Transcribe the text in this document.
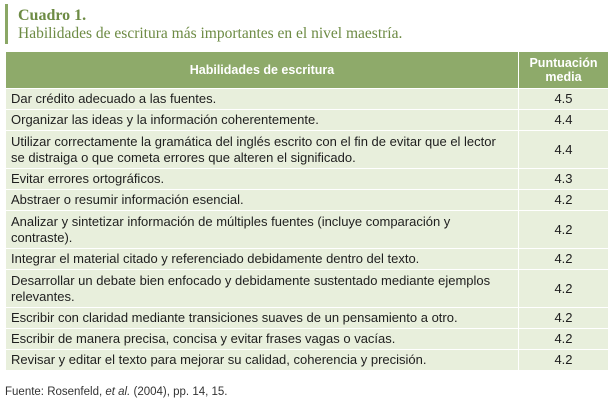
Cuadro 1.
Habilidades de escritura más importantes en el nivel maestría.
Habilidades de escritura	Puntuación media
Dar crédito adecuado a las fuentes.	4.5
Organizar las ideas y la información coherentemente.	4.4
Utilizar correctamente la gramática del inglés escrito con el fin de evitar que el lector se distraiga o que cometa errores que alteren el significado.	4.4
Evitar errores ortográficos.	4.3
Abstraer o resumir información esencial.	4.2
Analizar y sintetizar información de múltiples fuentes (incluye comparación y contraste).	4.2
Integrar el material citado y referenciado debidamente dentro del texto.	4.2
Desarrollar un debate bien enfocado y debidamente sustentado mediante ejemplos relevantes.	4.2
Escribir con claridad mediante transiciones suaves de un pensamiento a otro.	4.2
Escribir de manera precisa, concisa y evitar frases vagas o vacías.	4.2
Revisar y editar el texto para mejorar su calidad, coherencia y precisión.	4.2
Fuente: Rosenfeld, et al. (2004), pp. 14, 15.
